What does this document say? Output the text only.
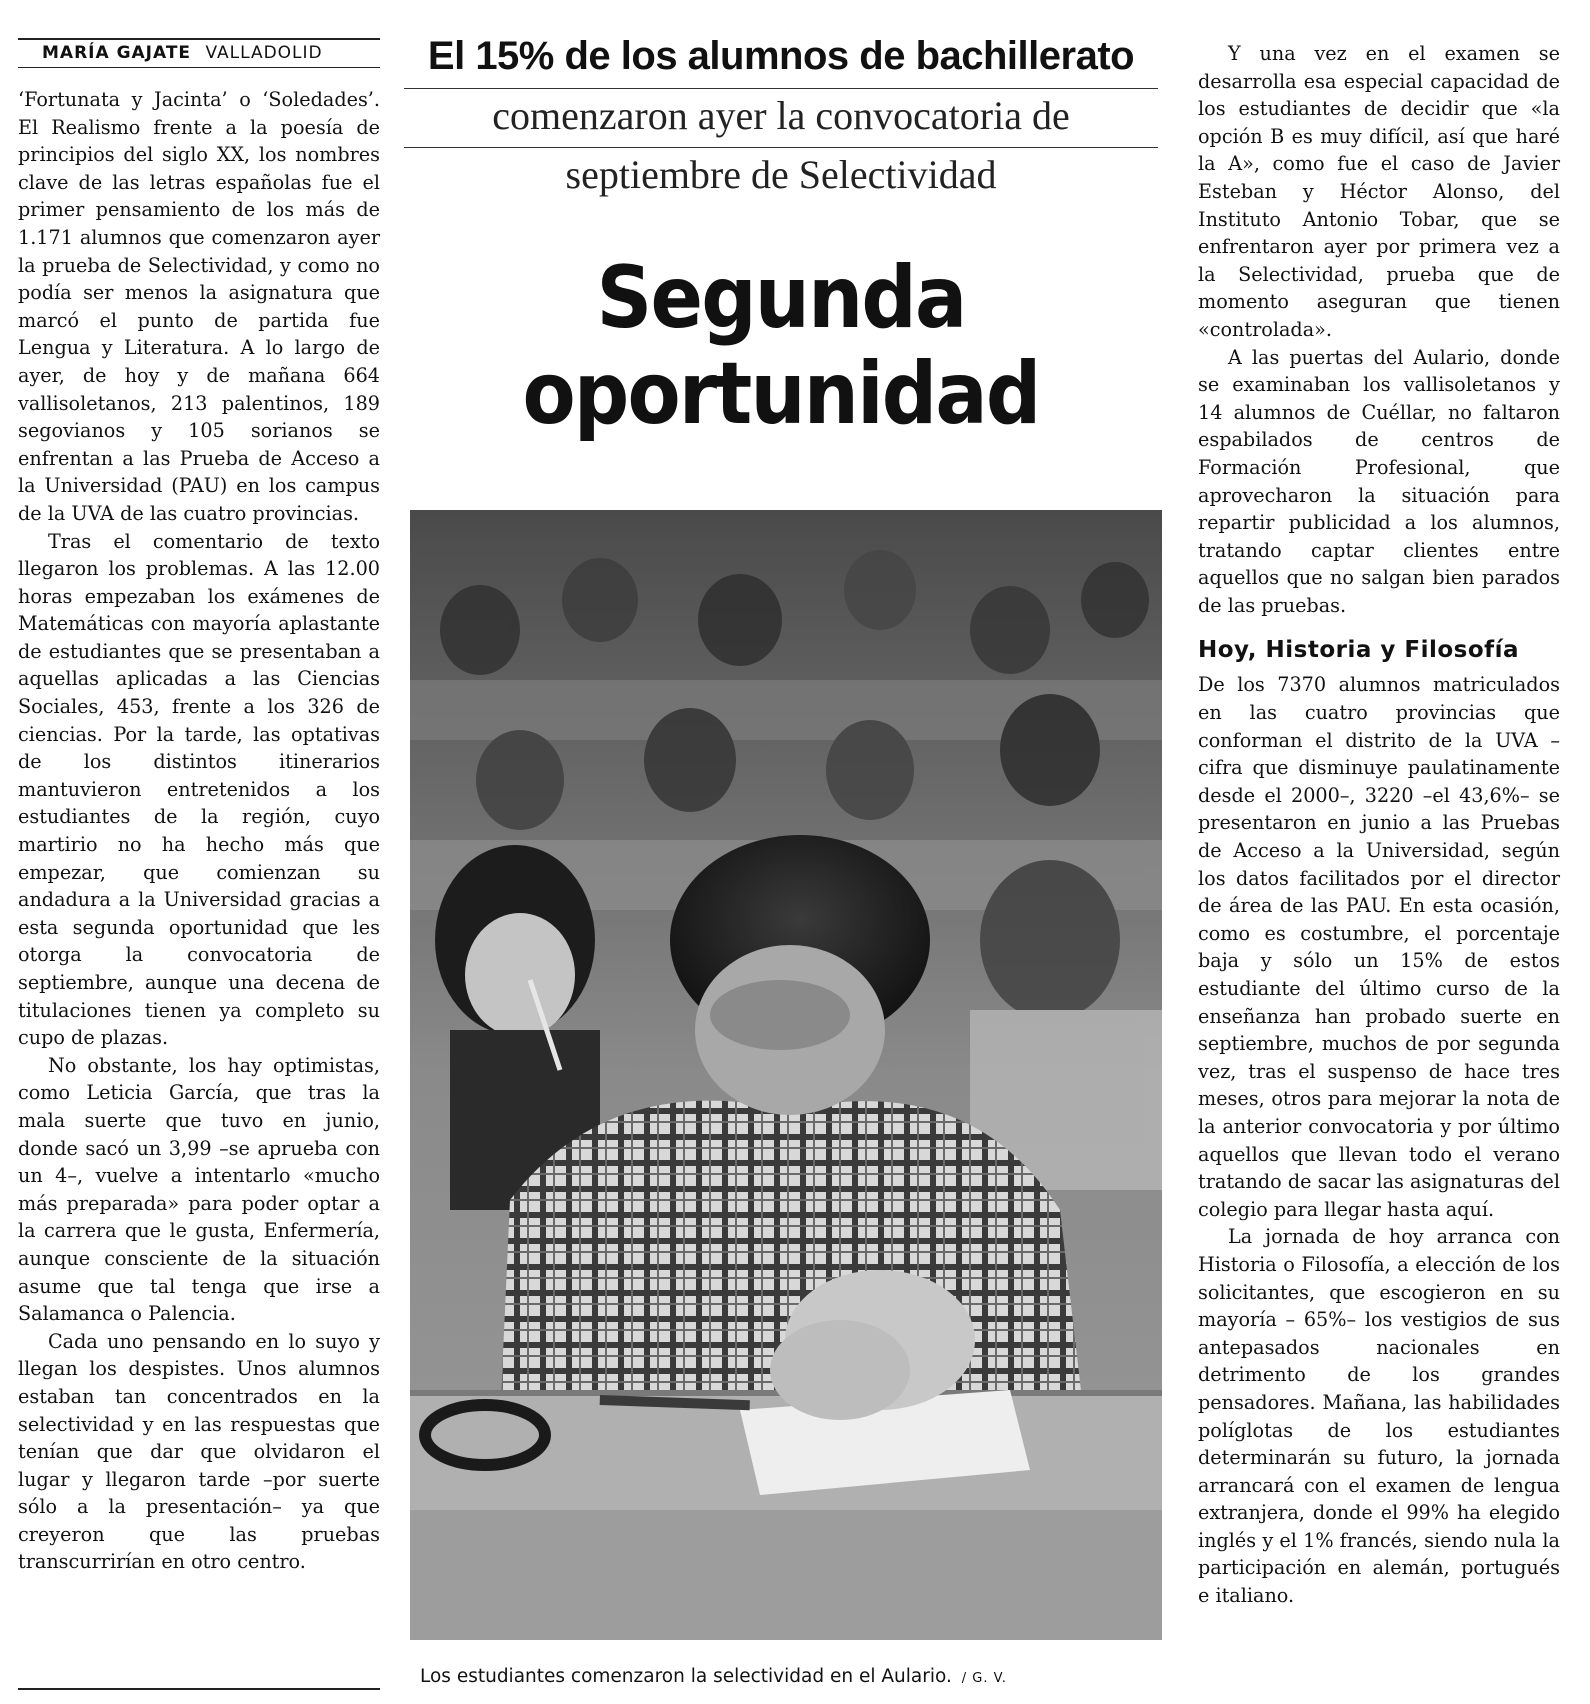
MARÍA GAJATE VALLADOLID

‘Fortunata y Jacinta’ o ‘Soledades’. El Realismo frente a la poesía de principios del siglo XX, los nombres clave de las letras españolas fue el primer pensamiento de los más de 1.171 alumnos que comenzaron ayer la prueba de Selectividad, y como no podía ser menos la asignatura que marcó el punto de partida fue Lengua y Literatura. A lo largo de ayer, de hoy y de mañana 664 vallisoletanos, 213 palentinos, 189 segovianos y 105 sorianos se enfrentan a las Prueba de Acceso a la Universidad (PAU) en los campus de la UVA de las cuatro provincias.

Tras el comentario de texto llegaron los problemas. A las 12.00 horas empezaban los exámenes de Matemáticas con mayoría aplastante de estudiantes que se presentaban a aquellas aplicadas a las Ciencias Sociales, 453, frente a los 326 de ciencias. Por la tarde, las optativas de los distintos itinerarios mantuvieron entretenidos a los estudiantes de la región, cuyo martirio no ha hecho más que empezar, que comienzan su andadura a la Universidad gracias a esta segunda oportunidad que les otorga la convocatoria de septiembre, aunque una decena de titulaciones tienen ya completo su cupo de plazas.

No obstante, los hay optimistas, como Leticia García, que tras la mala suerte que tuvo en junio, donde sacó un 3,99 –se aprueba con un 4–, vuelve a intentarlo «mucho más preparada» para poder optar a la carrera que le gusta, Enfermería, aunque consciente de la situación asume que tal tenga que irse a Salamanca o Palencia.

Cada uno pensando en lo suyo y llegan los despistes. Unos alumnos estaban tan concentrados en la selectividad y en las respuestas que tenían que dar que olvidaron el lugar y llegaron tarde –por suerte sólo a la presentación– ya que creyeron que las pruebas transcurrirían en otro centro.

El 15% de los alumnos de bachillerato
comenzaron ayer la convocatoria de
septiembre de Selectividad
Segunda
oportunidad
Los estudiantes comenzaron la selectividad en el Aulario. / G. V.

Y una vez en el examen se desarrolla esa especial capacidad de los estudiantes de decidir que «la opción B es muy difícil, así que haré la A», como fue el caso de Javier Esteban y Héctor Alonso, del Instituto Antonio Tobar, que se enfrentaron ayer por primera vez a la Selectividad, prueba que de momento aseguran que tienen «controlada».

A las puertas del Aulario, donde se examinaban los vallisoletanos y 14 alumnos de Cuéllar, no faltaron espabilados de centros de Formación Profesional, que aprovecharon la situación para repartir publicidad a los alumnos, tratando captar clientes entre aquellos que no salgan bien parados de las pruebas.

Hoy, Historia y Filosofía

De los 7370 alumnos matriculados en las cuatro provincias que conforman el distrito de la UVA –cifra que disminuye paulatinamente desde el 2000–, 3220 –el 43,6%– se presentaron en junio a las Pruebas de Acceso a la Universidad, según los datos facilitados por el director de área de las PAU. En esta ocasión, como es costumbre, el porcentaje baja y sólo un 15% de estos estudiante del último curso de la enseñanza han probado suerte en septiembre, muchos de por segunda vez, tras el suspenso de hace tres meses, otros para mejorar la nota de la anterior convocatoria y por último aquellos que llevan todo el verano tratando de sacar las asignaturas del colegio para llegar hasta aquí.

La jornada de hoy arranca con Historia o Filosofía, a elección de los solicitantes, que escogieron en su mayoría – 65%– los vestigios de sus antepasados nacionales en detrimento de los grandes pensadores. Mañana, las habilidades políglotas de los estudiantes determinarán su futuro, la jornada arrancará con el examen de lengua extranjera, donde el 99% ha elegido inglés y el 1% francés, siendo nula la participación en alemán, portugués e italiano.
